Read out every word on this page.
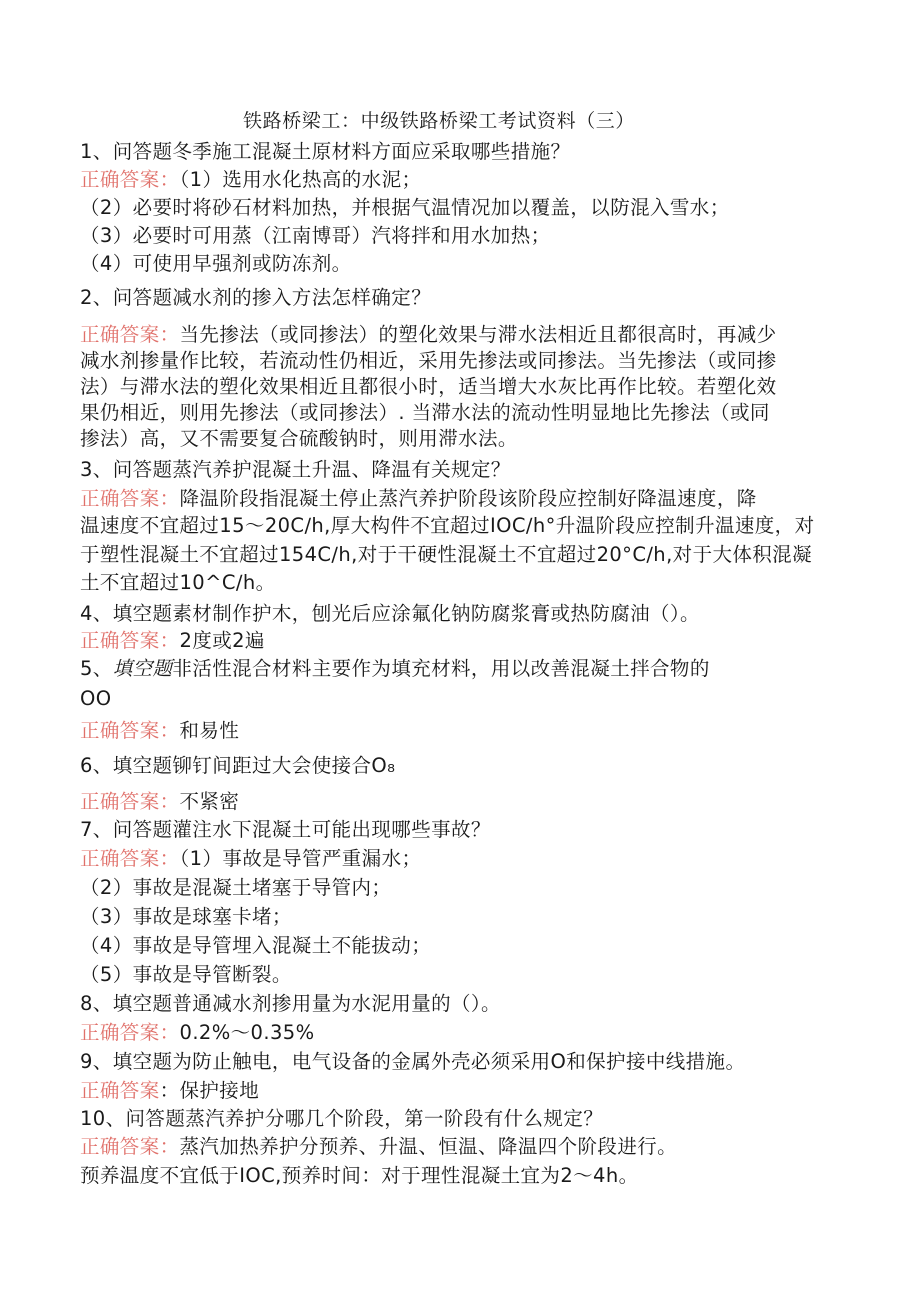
铁路桥梁工：中级铁路桥梁工考试资料（三）

1、问答题冬季施工混凝土原材料方面应采取哪些措施？

正确答案：（1）选用水化热高的水泥；

（2）必要时将砂石材料加热，并根据气温情况加以覆盖，以防混入雪水；

（3）必要时可用蒸（江南博哥）汽将拌和用水加热；

（4）可使用早强剂或防冻剂。

2、问答题减水剂的掺入方法怎样确定？

正确答案：当先掺法（或同掺法）的塑化效果与滞水法相近且都很高时，再减少

减水剂掺量作比较，若流动性仍相近，采用先掺法或同掺法。当先掺法（或同掺

法）与滞水法的塑化效果相近且都很小时，适当增大水灰比再作比较。若塑化效

果仍相近，则用先掺法（或同掺法）. 当滞水法的流动性明显地比先掺法（或同

掺法）高，又不需要复合硫酸钠时，则用滞水法。

3、问答题蒸汽养护混凝土升温、降温有关规定？

正确答案：降温阶段指混凝土停止蒸汽养护阶段该阶段应控制好降温速度，降

温速度不宜超过15～20C∕h,厚大构件不宜超过IOC∕h°升温阶段应控制升温速度，对

于塑性混凝土不宜超过154C∕h,对于干硬性混凝土不宜超过20°C∕h,对于大体积混凝

土不宜超过10^C∕h。

4、填空题素材制作护木，刨光后应涂氟化钠防腐浆膏或热防腐油（）。

正确答案：2度或2遍

5、填空题非活性混合材料主要作为填充材料，用以改善混凝土拌合物的

OO

正确答案：和易性

6、填空题铆钉间距过大会使接合O₈

正确答案：不紧密

7、问答题灌注水下混凝土可能出现哪些事故？

正确答案：（1）事故是导管严重漏水；

（2）事故是混凝土堵塞于导管内；

（3）事故是球塞卡堵；

（4）事故是导管埋入混凝土不能拔动；

（5）事故是导管断裂。

8、填空题普通减水剂掺用量为水泥用量的（）。

正确答案：0.2%～0.35%

9、填空题为防止触电，电气设备的金属外壳必须采用O和保护接中线措施。

正确答案：保护接地

10、问答题蒸汽养护分哪几个阶段，第一阶段有什么规定？

正确答案：蒸汽加热养护分预养、升温、恒温、降温四个阶段进行。

预养温度不宜低于IOC,预养时间：对于理性混凝土宜为2～4h。
